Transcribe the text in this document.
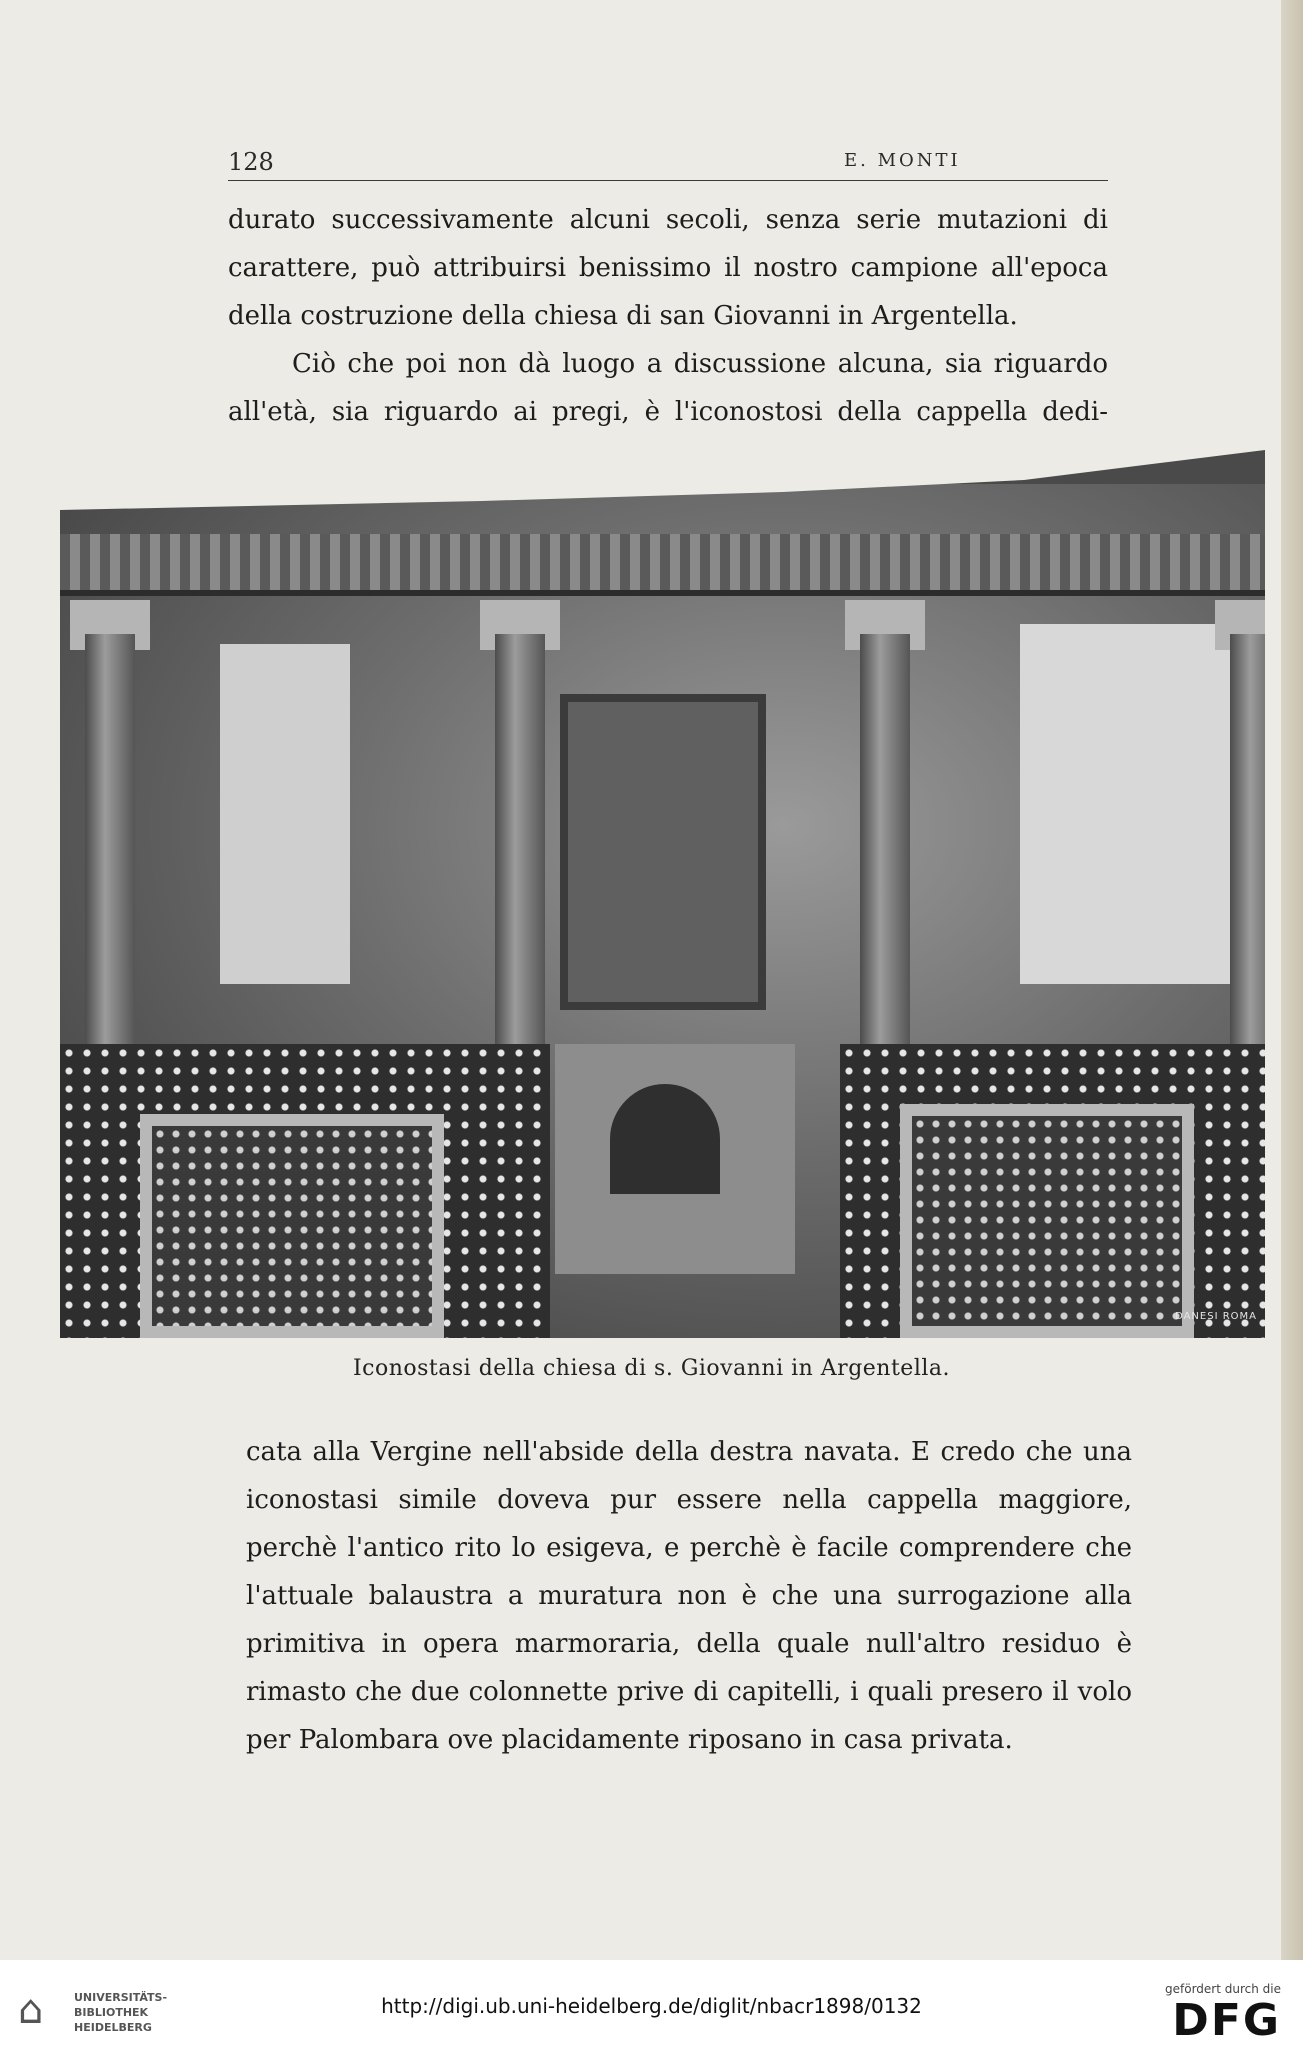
128	E. MONTI

durato successivamente alcuni secoli, senza serie mutazioni di carattere, può attribuirsi benissimo il nostro campione all'epoca della costruzione della chiesa di san Giovanni in Argentella.

Ciò che poi non dà luogo a discussione alcuna, sia riguardo all'età, sia riguardo ai pregi, è l'iconostosi della cappella dedi-

DANESI ROMA
Iconostasi della chiesa di s. Giovanni in Argentella.

cata alla Vergine nell'abside della destra navata. E credo che una iconostasi simile doveva pur essere nella cappella maggiore, perchè l'antico rito lo esigeva, e perchè è facile comprendere che l'attuale balaustra a muratura non è che una surrogazione alla primitiva in opera marmoraria, della quale null'altro residuo è rimasto che due colonnette prive di capitelli, i quali presero il volo per Palombara ove placidamente riposano in casa privata.

⌂	UNIVERSITÄTS-
BIBLIOTHEK
HEIDELBERG
http://digi.ub.uni-heidelberg.de/diglit/nbacr1898/0132
gefördert durch die
DFG
